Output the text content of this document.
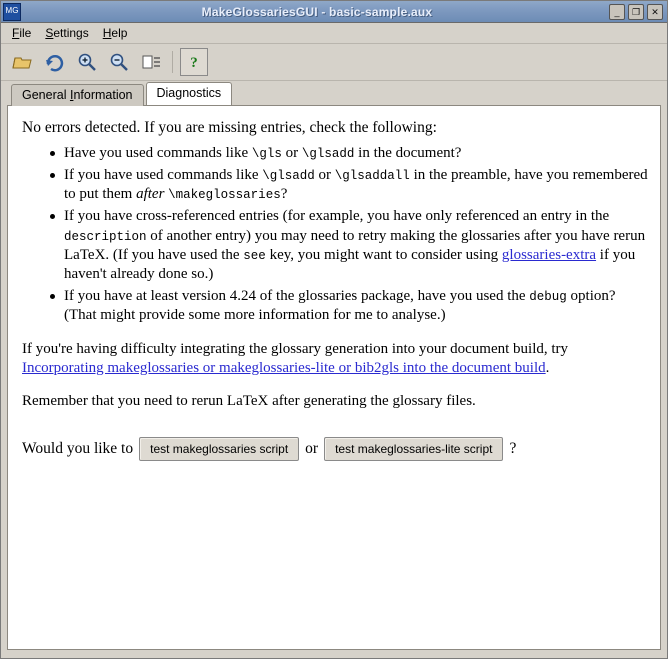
MG	MakeGlossariesGUI - basic-sample.aux	_	❐	✕
File	Settings	Help
?
General Information	Diagnostics
No errors detected. If you are missing entries, check the following:
Have you used commands like \gls or \glsadd in the document?
If you have used commands like \glsadd or \glsaddall in the preamble, have you remembered to put them after \makeglossaries?
If you have cross-referenced entries (for example, you have only referenced an entry in the description of another entry) you may need to retry making the glossaries after you have rerun LaTeX. (If you have used the see key, you might want to consider using glossaries-extra if you haven't already done so.)
If you have at least version 4.24 of the glossaries package, have you used the debug option? (That might provide some more information for me to analyse.)

If you're having difficulty integrating the glossary generation into your document build, try Incorporating makeglossaries or makeglossaries-lite or bib2gls into the document build.

Remember that you need to rerun LaTeX after generating the glossary files.

Would you like to	test makeglossaries script	or	test makeglossaries-lite script	?
